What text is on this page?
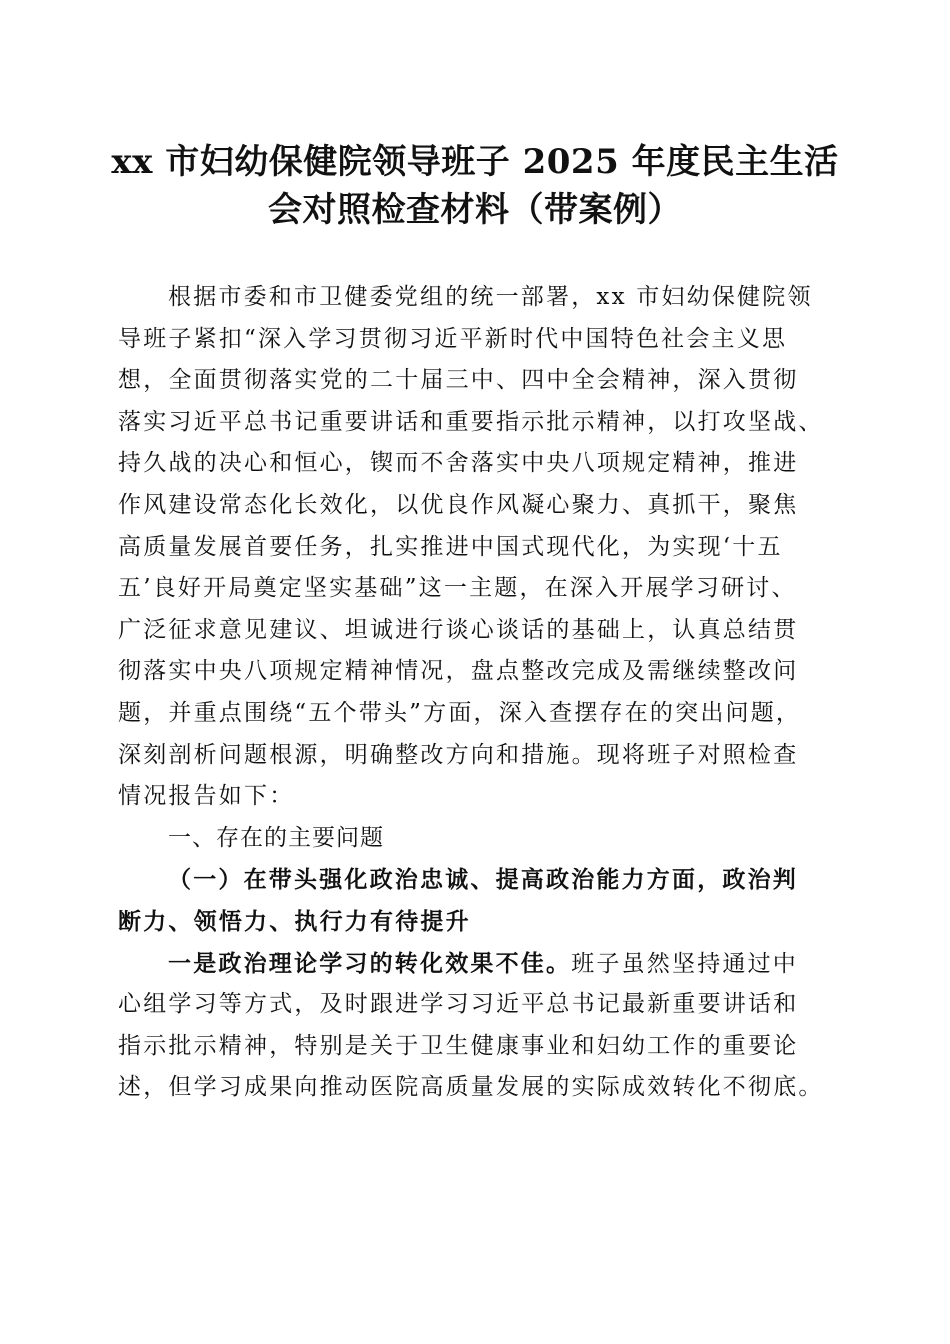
xx 市妇幼保健院领导班子 2025 年度民主生活
会对照检查材料（带案例）
根据市委和市卫健委党组的统一部署，xx 市妇幼保健院领
导班子紧扣“深入学习贯彻习近平新时代中国特色社会主义思
想，全面贯彻落实党的二十届三中、四中全会精神，深入贯彻
落实习近平总书记重要讲话和重要指示批示精神，以打攻坚战、
持久战的决心和恒心，锲而不舍落实中央八项规定精神，推进
作风建设常态化长效化，以优良作风凝心聚力、真抓干，聚焦
高质量发展首要任务，扎实推进中国式现代化，为实现‘十五
五’良好开局奠定坚实基础”这一主题，在深入开展学习研讨、
广泛征求意见建议、坦诚进行谈心谈话的基础上，认真总结贯
彻落实中央八项规定精神情况，盘点整改完成及需继续整改问
题，并重点围绕“五个带头”方面，深入查摆存在的突出问题，
深刻剖析问题根源，明确整改方向和措施。现将班子对照检查
情况报告如下：
一、存在的主要问题
（一）在带头强化政治忠诚、提高政治能力方面，政治判
断力、领悟力、执行力有待提升
一是政治理论学习的转化效果不佳。班子虽然坚持通过中
心组学习等方式，及时跟进学习习近平总书记最新重要讲话和
指示批示精神，特别是关于卫生健康事业和妇幼工作的重要论
述，但学习成果向推动医院高质量发展的实际成效转化不彻底。
